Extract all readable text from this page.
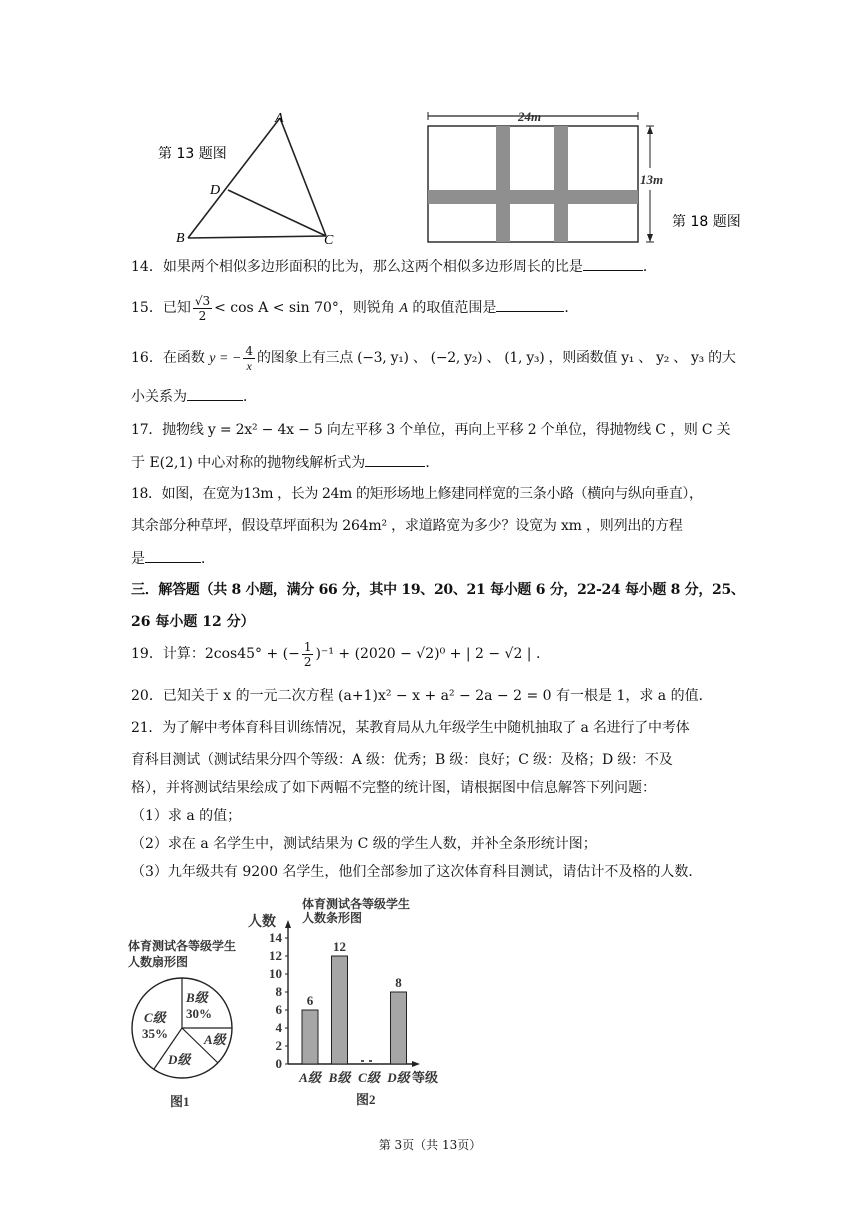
第 13 题图
A
D
B	C
24m
13m
第 18 题图
14．如果两个相似多边形面积的比为，那么这两个相似多边形周长的比是	．
15．已知 $\frac{√3}{2} < \cos A < \sin 70^\circ$，则锐角 A 的取值范围是	．
16．在函数 y = − $\frac{4}{x}$ 的图象上有三点 (−3, y₁) 、 (−2, y₂) 、 (1, y₃) ，则函数值 y₁ 、 y₂ 、 y₃ 的大
小关系为	．
17．抛物线 y = 2x² − 4x − 5 向左平移 3 个单位，再向上平移 2 个单位，得抛物线 C ，则 C 关
于 E(2,1) 中心对称的抛物线解析式为	．
18．如图，在宽为13m ，长为 24m 的矩形场地上修建同样宽的三条小路（横向与纵向垂直），
其余部分种草坪，假设草坪面积为 264m² ，求道路宽为多少？设宽为 xm ，则列出的方程
是	．
三．解答题（共 8 小题，满分 66 分，其中 19、20、21 每小题 6 分，22-24 每小题 8 分，25、
26 每小题 12 分）
19．计算：2cos45° + (− $\frac{1}{2} )^{-1} + (2020 - √2)^0$ + | 2 − √2 | .
20．已知关于 x 的一元二次方程 (a+1)x² − x + a² − 2a − 2 = 0 有一根是 1，求 a 的值．
21．为了解中考体育科目训练情况，某教育局从九年级学生中随机抽取了 a 名进行了中考体
育科目测试（测试结果分四个等级：A 级：优秀；B 级：良好；C 级：及格；D 级：不及
格），并将测试结果绘成了如下两幅不完整的统计图，请根据图中信息解答下列问题：
（1）求 a 的值；
（2）求在 a 名学生中，测试结果为 C 级的学生人数，并补全条形统计图；
（3）九年级共有 9200 名学生，他们全部参加了这次体育科目测试，请估计不及格的人数．
体育测试各等级学生
人数扇形图
B级
30%
C级
35%	A级
D级
图1
体育测试各等级学生
人数条形图
人数
0
2
4
6
8
10
12
14
6
A级
12
B级 C级
8
D级 等级
图2
第 3页（共 13页）
